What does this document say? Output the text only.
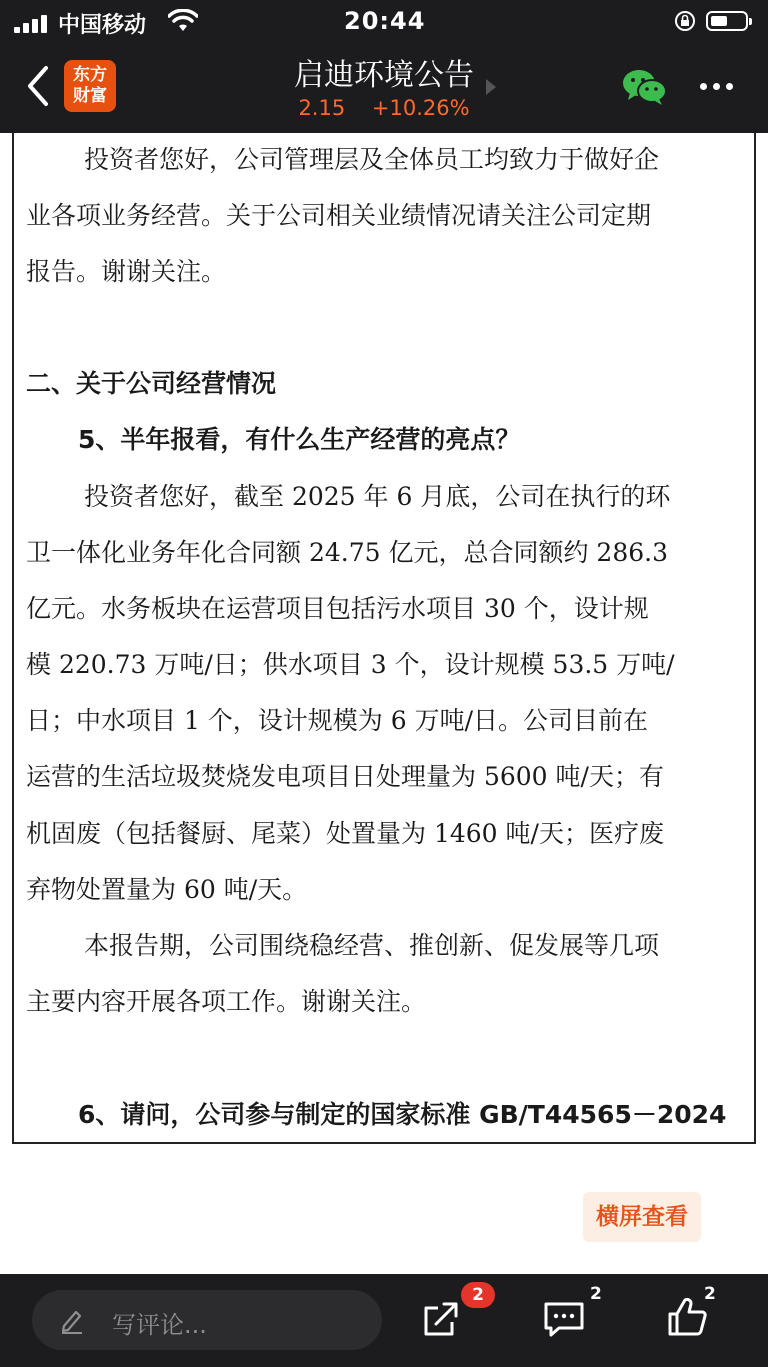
中国移动	20:44
东方
财富
启迪环境公告
2.15 +10.26%

投资者您好，公司管理层及全体员工均致力于做好企

业各项业务经营。关于公司相关业绩情况请关注公司定期

报告。谢谢关注。

二、关于公司经营情况

5、半年报看，有什么生产经营的亮点？

投资者您好，截至 2025 年 6 月底，公司在执行的环

卫一体化业务年化合同额 24.75 亿元，总合同额约 286.3

亿元。水务板块在运营项目包括污水项目 30 个，设计规

模 220.73 万吨/日；供水项目 3 个，设计规模 53.5 万吨/

日；中水项目 1 个，设计规模为 6 万吨/日。公司目前在

运营的生活垃圾焚烧发电项目日处理量为 5600 吨/天；有

机固废（包括餐厨、尾菜）处置量为 1460 吨/天；医疗废

弃物处置量为 60 吨/天。

本报告期，公司围绕稳经营、推创新、促发展等几项

主要内容开展各项工作。谢谢关注。

6、请问，公司参与制定的国家标准 GB/T44565－2024

横屏查看
写评论...
2	2	2
